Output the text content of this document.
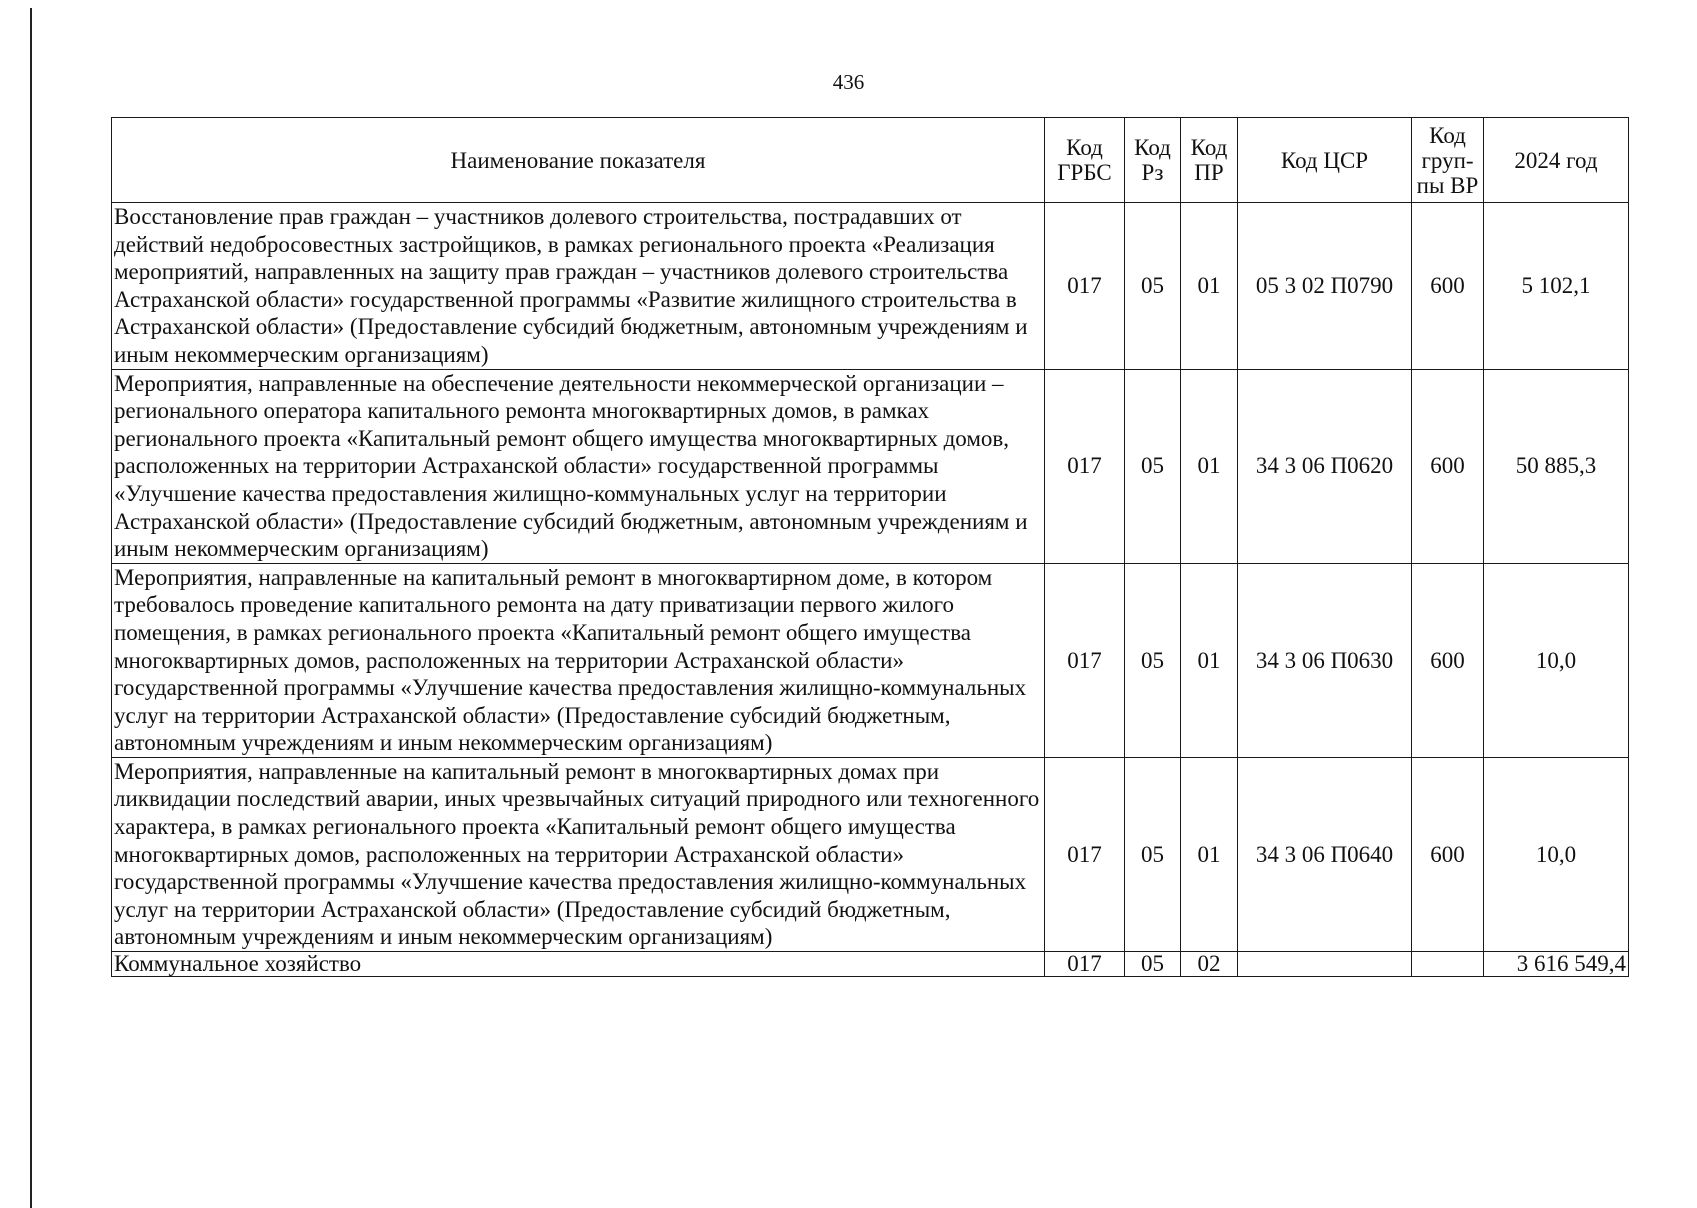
436
Наименование показателя	Код ГРБС	Код Рз	Код ПР	Код ЦСР	Код груп-пы ВР	2024 год
Восстановление прав граждан – участников долевого строительства, пострадавших от действий недобросовестных застройщиков, в рамках регионального проекта «Реализация мероприятий, направленных на защиту прав граждан – участников долевого строительства Астраханской области» государственной программы «Развитие жилищного строительства в Астраханской области» (Предоставление субсидий бюджетным, автономным учреждениям и иным некоммерческим организациям)	017	05	01	05 3 02 П0790	600	5 102,1
Мероприятия, направленные на обеспечение деятельности некоммерческой организации – регионального оператора капитального ремонта многоквартирных домов, в рамках регионального проекта «Капитальный ремонт общего имущества многоквартирных домов, расположенных на территории Астраханской области» государственной программы «Улучшение качества предоставления жилищно-коммунальных услуг на территории Астраханской области» (Предоставление субсидий бюджетным, автономным учреждениям и иным некоммерческим организациям)	017	05	01	34 3 06 П0620	600	50 885,3
Мероприятия, направленные на капитальный ремонт в многоквартирном доме, в котором требовалось проведение капитального ремонта на дату приватизации первого жилого помещения, в рамках регионального проекта «Капитальный ремонт общего имущества многоквартирных домов, расположенных на территории Астраханской области» государственной программы «Улучшение качества предоставления жилищно-коммунальных услуг на территории Астраханской области» (Предоставление субсидий бюджетным, автономным учреждениям и иным некоммерческим организациям)	017	05	01	34 3 06 П0630	600	10,0
Мероприятия, направленные на капитальный ремонт в многоквартирных домах при ликвидации последствий аварии, иных чрезвычайных ситуаций природного или техногенного характера, в рамках регионального проекта «Капитальный ремонт общего имущества многоквартирных домов, расположенных на территории Астраханской области» государственной программы «Улучшение качества предоставления жилищно-коммунальных услуг на территории Астраханской области» (Предоставление субсидий бюджетным, автономным учреждениям и иным некоммерческим организациям)	017	05	01	34 3 06 П0640	600	10,0
Коммунальное хозяйство	017	05	02			3 616 549,4
